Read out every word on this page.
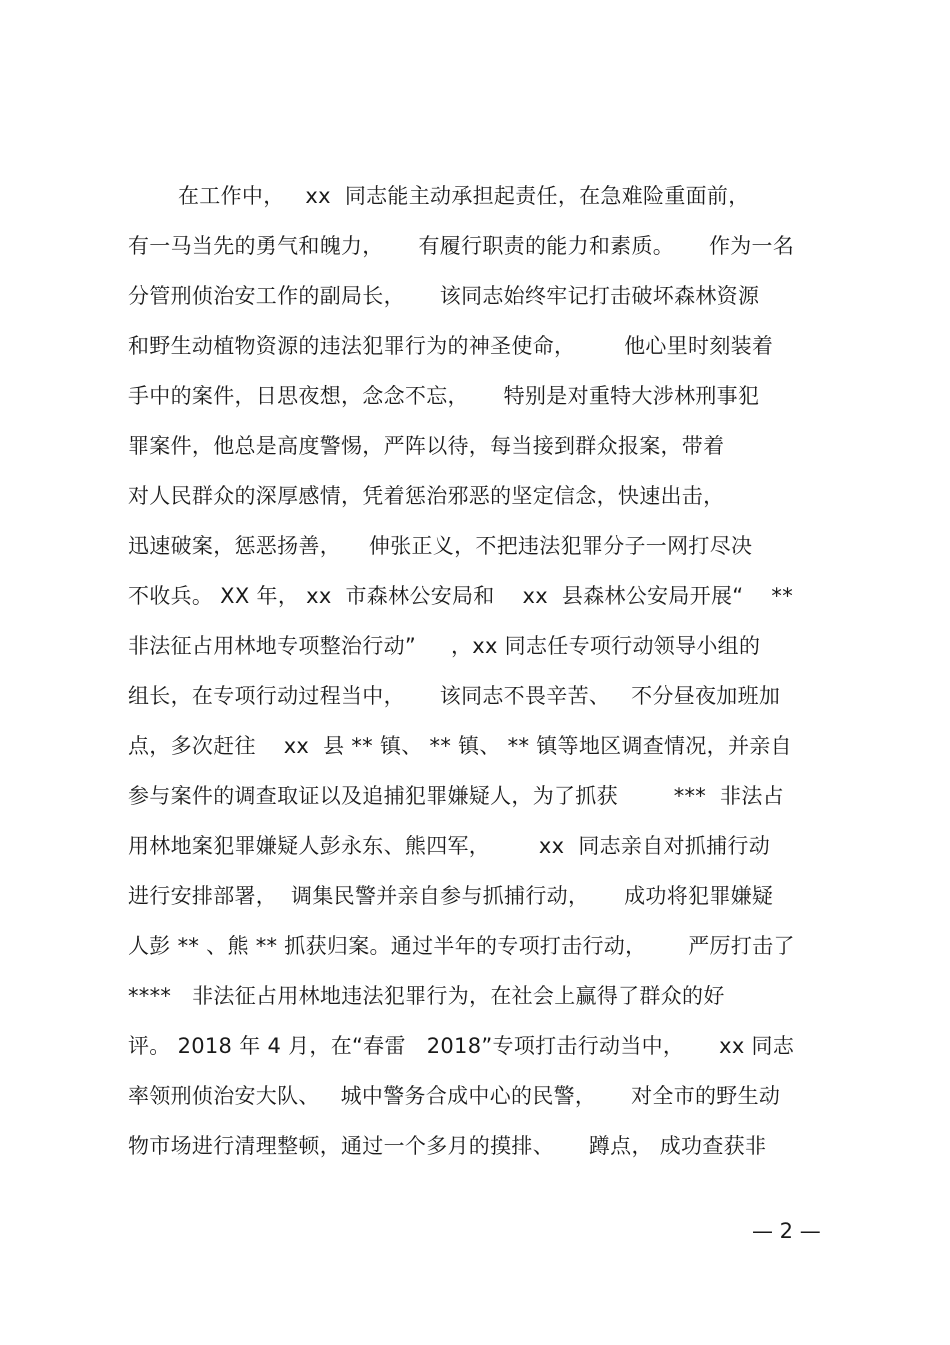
在工作中，   xx  同志能主动承担起责任，在急难险重面前，
有一马当先的勇气和魄力，     有履行职责的能力和素质。     作为一名
分管刑侦治安工作的副局长，     该同志始终牢记打击破坏森林资源
和野生动植物资源的违法犯罪行为的神圣使命，       他心里时刻装着
手中的案件，日思夜想，念念不忘，     特别是对重特大涉林刑事犯
罪案件，他总是高度警惕，严阵以待，每当接到群众报案，带着
对人民群众的深厚感情，凭着惩治邪恶的坚定信念，快速出击，
迅速破案，惩恶扬善，    伸张正义，不把违法犯罪分子一网打尽决
不收兵。 XX 年， xx  市森林公安局和    xx  县森林公安局开展“    **
非法征占用林地专项整治行动”     ，xx 同志任专项行动领导小组的
组长，在专项行动过程当中，     该同志不畏辛苦、   不分昼夜加班加
点，多次赶往    xx  县 ** 镇、 ** 镇、 ** 镇等地区调查情况，并亲自
参与案件的调查取证以及追捕犯罪嫌疑人，为了抓获        ***  非法占
用林地案犯罪嫌疑人彭永东、熊四军，       xx  同志亲自对抓捕行动
进行安排部署，  调集民警并亲自参与抓捕行动，     成功将犯罪嫌疑
人彭 ** 、熊 ** 抓获归案。通过半年的专项打击行动，      严厉打击了
****   非法征占用林地违法犯罪行为，在社会上赢得了群众的好
评。 2018 年 4 月，在“春雷   2018”专项打击行动当中，     xx 同志
率领刑侦治安大队、   城中警务合成中心的民警，     对全市的野生动
物市场进行清理整顿，通过一个多月的摸排、     蹲点， 成功查获非
— 2 —
